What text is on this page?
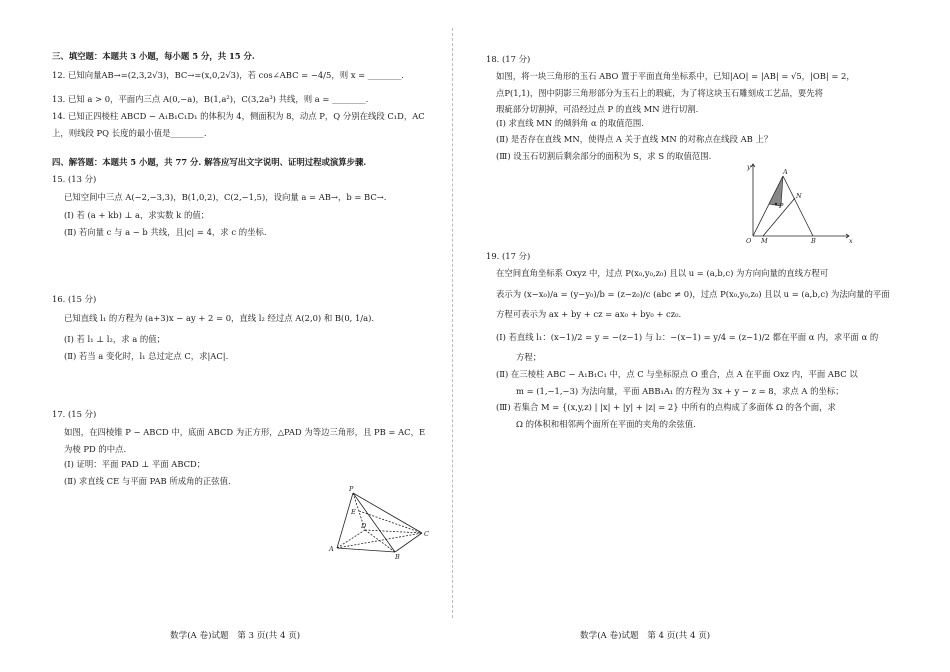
三、填空题：本题共 3 小题，每小题 5 分，共 15 分.
12. 已知向量AB→=(2,3,2√3)，BC→=(x,0,2√3)，若 cos∠ABC = −4/5，则 x = ________.
13. 已知 a > 0，平面内三点 A(0,−a)，B(1,a²)，C(3,2a³) 共线，则 a = ________.
14. 已知正四棱柱 ABCD − A₁B₁C₁D₁ 的体积为 4，侧面积为 8，动点 P，Q 分别在线段 C₁D，AC
上，则线段 PQ 长度的最小值是________.
四、解答题：本题共 5 小题，共 77 分. 解答应写出文字说明、证明过程或演算步骤.
15. (13 分)
已知空间中三点 A(−2,−3,3)，B(1,0,2)，C(2,−1,5)，设向量 a = AB→，b = BC→.
(Ⅰ) 若 (a + kb) ⊥ a，求实数 k 的值；
(Ⅱ) 若向量 c 与 a − b 共线，且|c| = 4，求 c 的坐标.
16. (15 分)
已知直线 l₁ 的方程为 (a+3)x − ay + 2 = 0，直线 l₂ 经过点 A(2,0) 和 B(0, 1/a).
(Ⅰ) 若 l₁ ⊥ l₂，求 a 的值；
(Ⅱ) 若当 a 变化时，l₁ 总过定点 C，求|AC|.
17. (15 分)
如图，在四棱锥 P − ABCD 中，底面 ABCD 为正方形，△PAD 为等边三角形，且 PB = AC，E
为棱 PD 的中点.
(Ⅰ) 证明：平面 PAD ⊥ 平面 ABCD；
(Ⅱ) 求直线 CE 与平面 PAB 所成角的正弦值.
数学(A 卷)试题　第 3 页(共 4 页)
P
E
D
A
B
C
18. (17 分)
如图，将一块三角形的玉石 ABO 置于平面直角坐标系中，已知|AO| = |AB| = √5，|OB| = 2，
点P(1,1)，图中阴影三角形部分为玉石上的瑕疵，为了将这块玉石雕刻成工艺品，要先将
瑕疵部分切割掉，可沿经过点 P 的直线 MN 进行切割.
(Ⅰ) 求直线 MN 的倾斜角 α 的取值范围.
(Ⅱ) 是否存在直线 MN，使得点 A 关于直线 MN 的对称点在线段 AB 上？
(Ⅲ) 设玉石切割后剩余部分的面积为 S，求 S 的取值范围.
19. (17 分)
在空间直角坐标系 Oxyz 中，过点 P(x₀,y₀,z₀) 且以 u = (a,b,c) 为方向向量的直线方程可
表示为 (x−x₀)/a = (y−y₀)/b = (z−z₀)/c (abc ≠ 0)，过点 P(x₀,y₀,z₀) 且以 u = (a,b,c) 为法向量的平面
方程可表示为 ax + by + cz = ax₀ + by₀ + cz₀.
(Ⅰ) 若直线 l₁：(x−1)/2 = y = −(z−1) 与 l₂：−(x−1) = y/4 = (z−1)/2 都在平面 α 内，求平面 α 的
方程；
(Ⅱ) 在三棱柱 ABC − A₁B₁C₁ 中，点 C 与坐标原点 O 重合，点 A 在平面 Oxz 内，平面 ABC 以
m = (1,−1,−3) 为法向量，平面 ABB₁A₁ 的方程为 3x + y − z = 8，求点 A 的坐标；
(Ⅲ) 若集合 M = {(x,y,z) | |x| + |y| + |z| = 2} 中所有的点构成了多面体 Ω 的各个面，求
Ω 的体积和相邻两个面所在平面的夹角的余弦值.
数学(A 卷)试题　第 4 页(共 4 页)
y
A
N
P
O M	B	x
